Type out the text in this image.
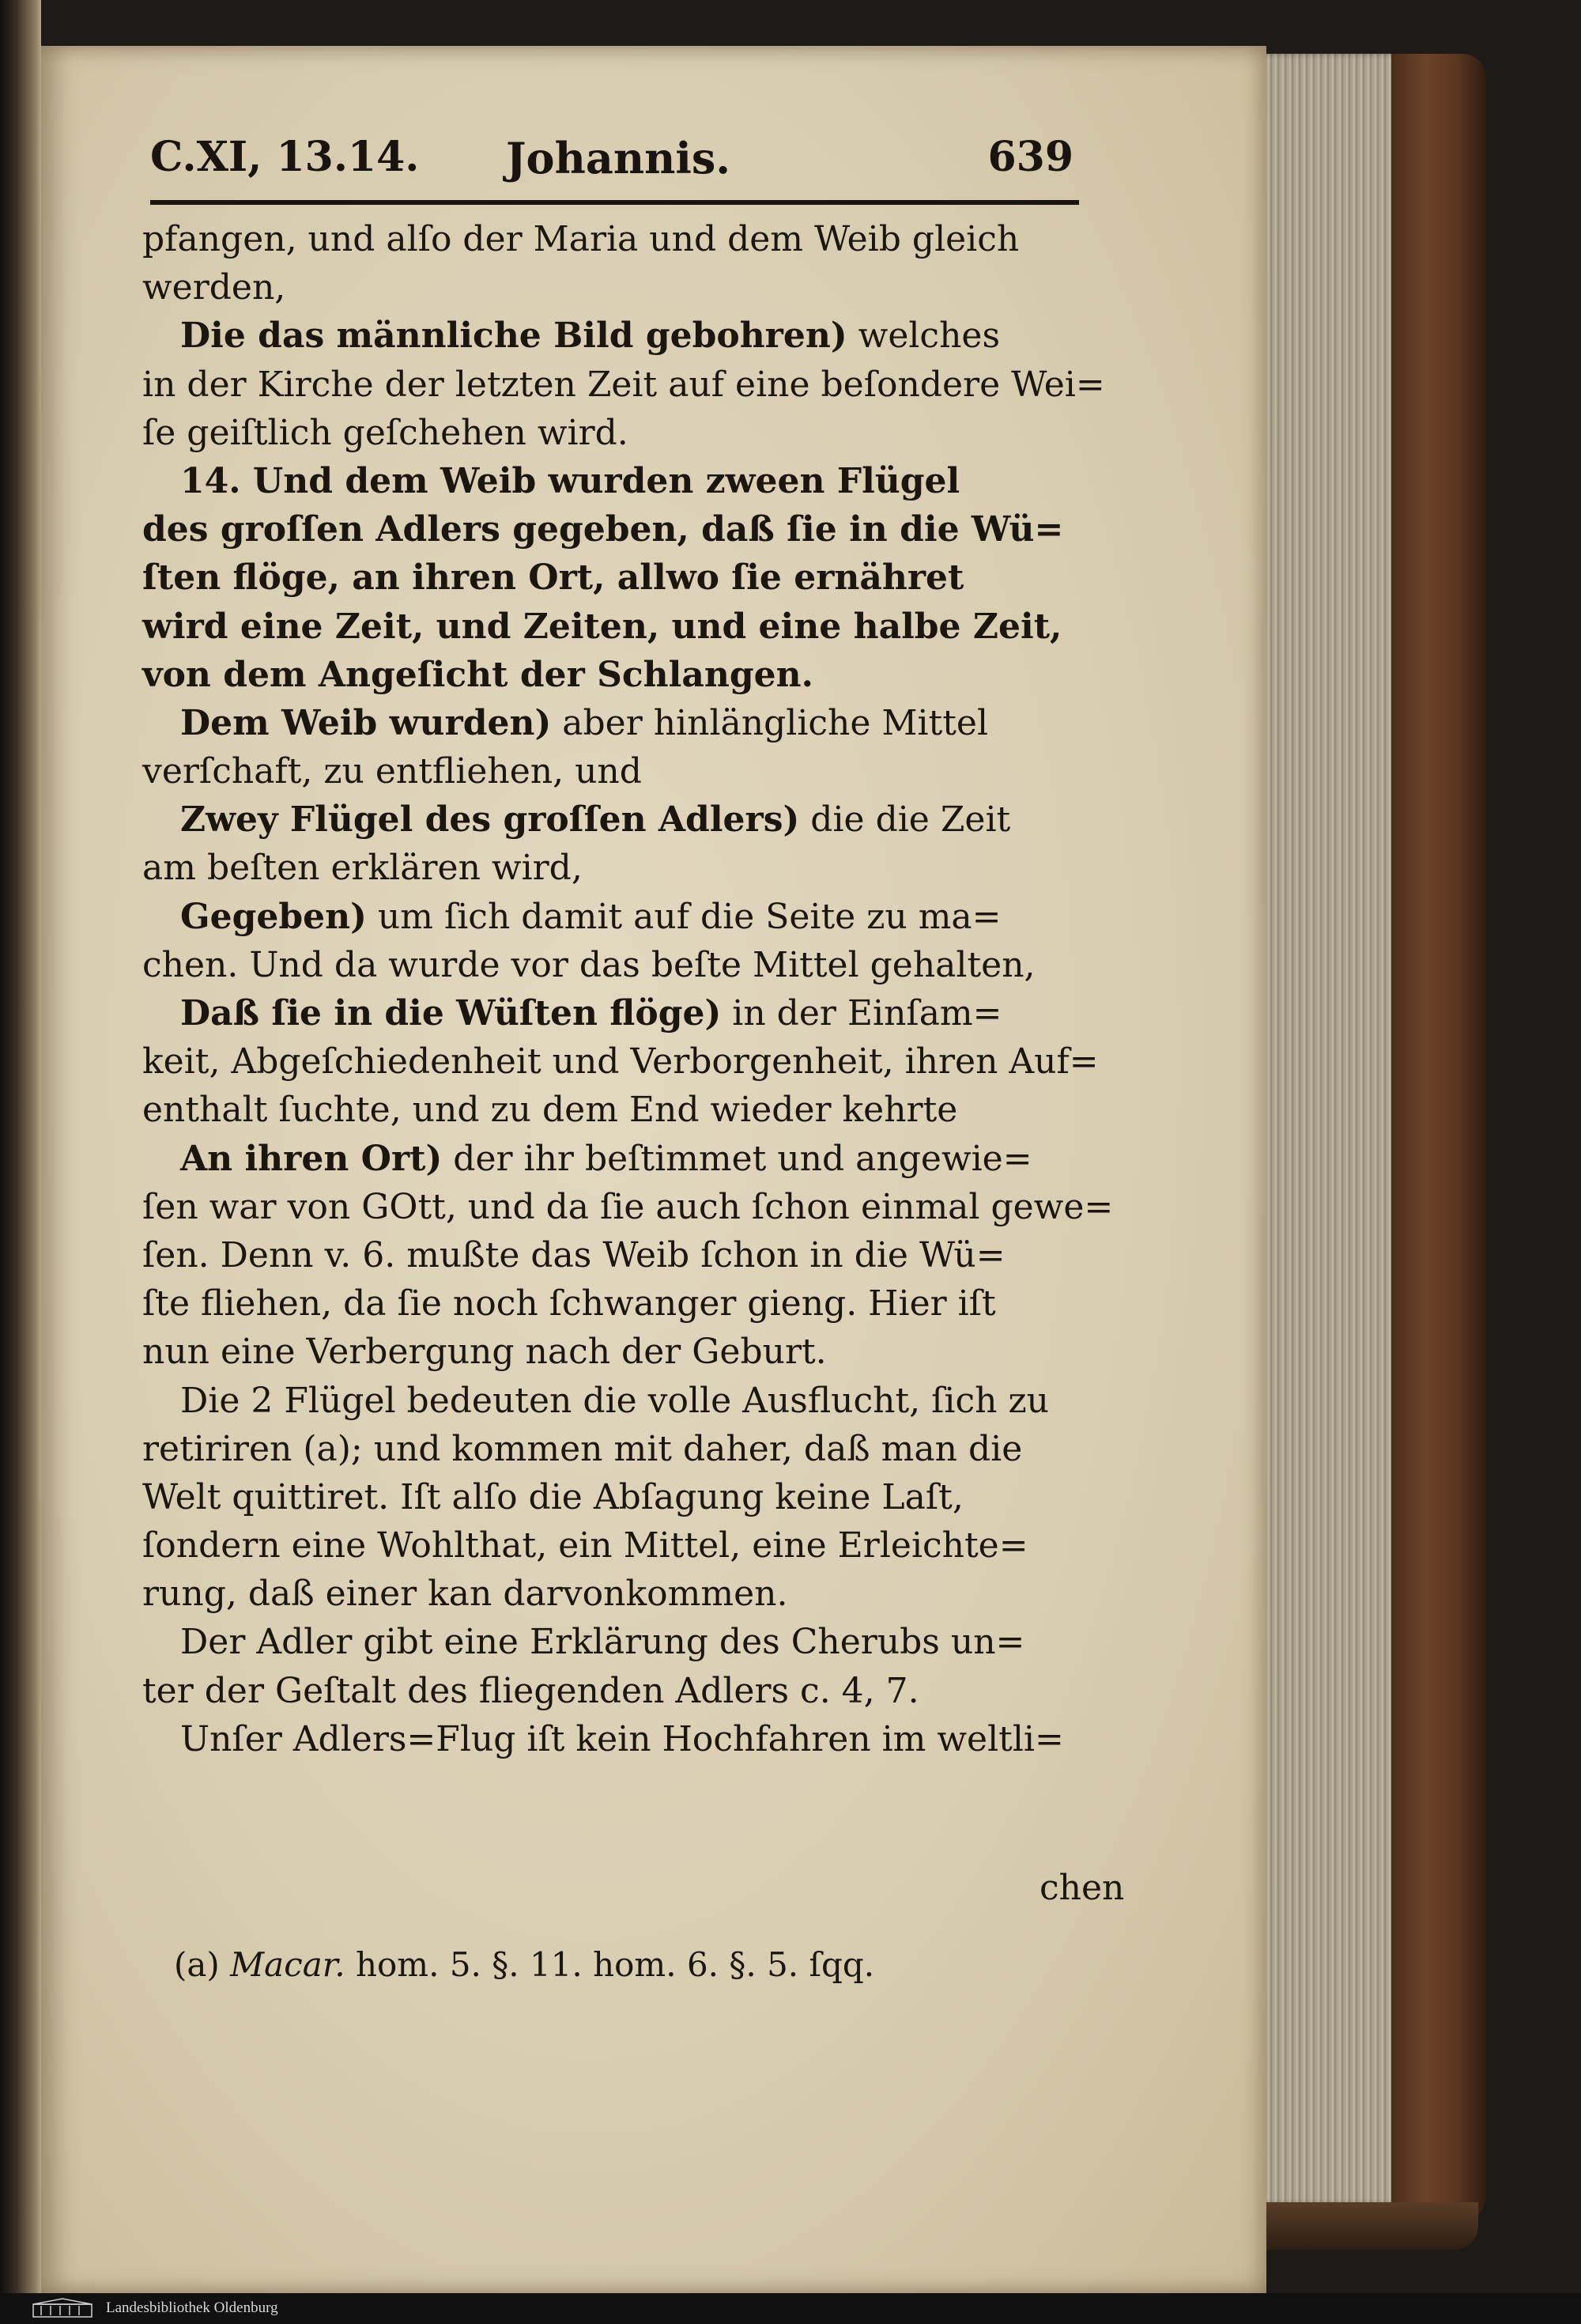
C.XI, 13.14. Johannis.	639
pfangen, und alſo der Maria und dem Weib gleich
werden,
Die das männliche Bild gebohren) welches
in der Kirche der letzten Zeit auf eine beſondere Wei=
ſe geiſtlich geſchehen wird.
14. Und dem Weib wurden zween Flügel
des groſſen Adlers gegeben, daß ſie in die Wü=
ſten flöge, an ihren Ort, allwo ſie ernähret
wird eine Zeit, und Zeiten, und eine halbe Zeit,
von dem Angeſicht der Schlangen.
Dem Weib wurden) aber hinlängliche Mittel
verſchaft, zu entfliehen, und
Zwey Flügel des groſſen Adlers) die die Zeit
am beſten erklären wird,
Gegeben) um ſich damit auf die Seite zu ma=
chen. Und da wurde vor das beſte Mittel gehalten,
Daß ſie in die Wüſten flöge) in der Einſam=
keit, Abgeſchiedenheit und Verborgenheit, ihren Auf=
enthalt ſuchte, und zu dem End wieder kehrte
An ihren Ort) der ihr beſtimmet und angewie=
ſen war von GOtt, und da ſie auch ſchon einmal gewe=
ſen. Denn v. 6. mußte das Weib ſchon in die Wü=
ſte fliehen, da ſie noch ſchwanger gieng. Hier iſt
nun eine Verbergung nach der Geburt.
Die 2 Flügel bedeuten die volle Ausflucht, ſich zu
retiriren (a); und kommen mit daher, daß man die
Welt quittiret. Iſt alſo die Abſagung keine Laſt,
ſondern eine Wohlthat, ein Mittel, eine Erleichte=
rung, daß einer kan darvonkommen.
Der Adler gibt eine Erklärung des Cherubs un=
ter der Geſtalt des fliegenden Adlers c. 4, 7.
Unſer Adlers=Flug iſt kein Hochfahren im weltli=
chen
(a) Macar. hom. 5. §. 11. hom. 6. §. 5. ſqq.
Landesbibliothek Oldenburg
